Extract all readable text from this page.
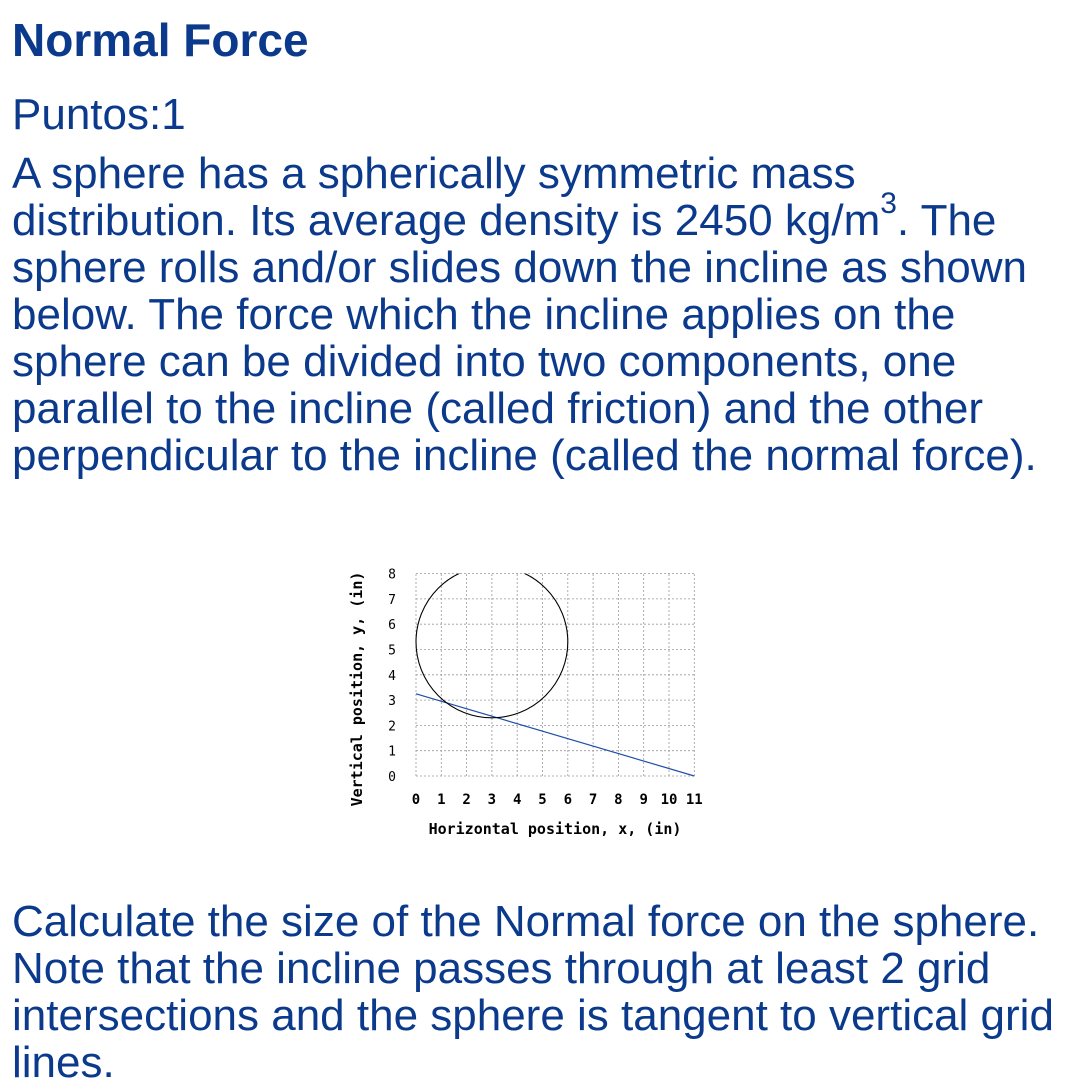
Normal Force
Puntos:1

A sphere has a spherically symmetric mass distribution. Its average density is 2450 $kg/m^3$. The sphere rolls and/or slides down the incline as shown below. The force which the incline applies on the sphere can be divided into two components, one parallel to the incline (called friction) and the other perpendicular to the incline (called the normal force).

0
1
2
3
4
5
6
7
8
0 1 2 3 4 5 6 7 8 9 10 11
Horizontal position, x, (in)
Vertical position, y, (in)

Calculate the size of the Normal force on the sphere. Note that the incline passes through at least 2 grid intersections and the sphere is tangent to vertical grid lines.
